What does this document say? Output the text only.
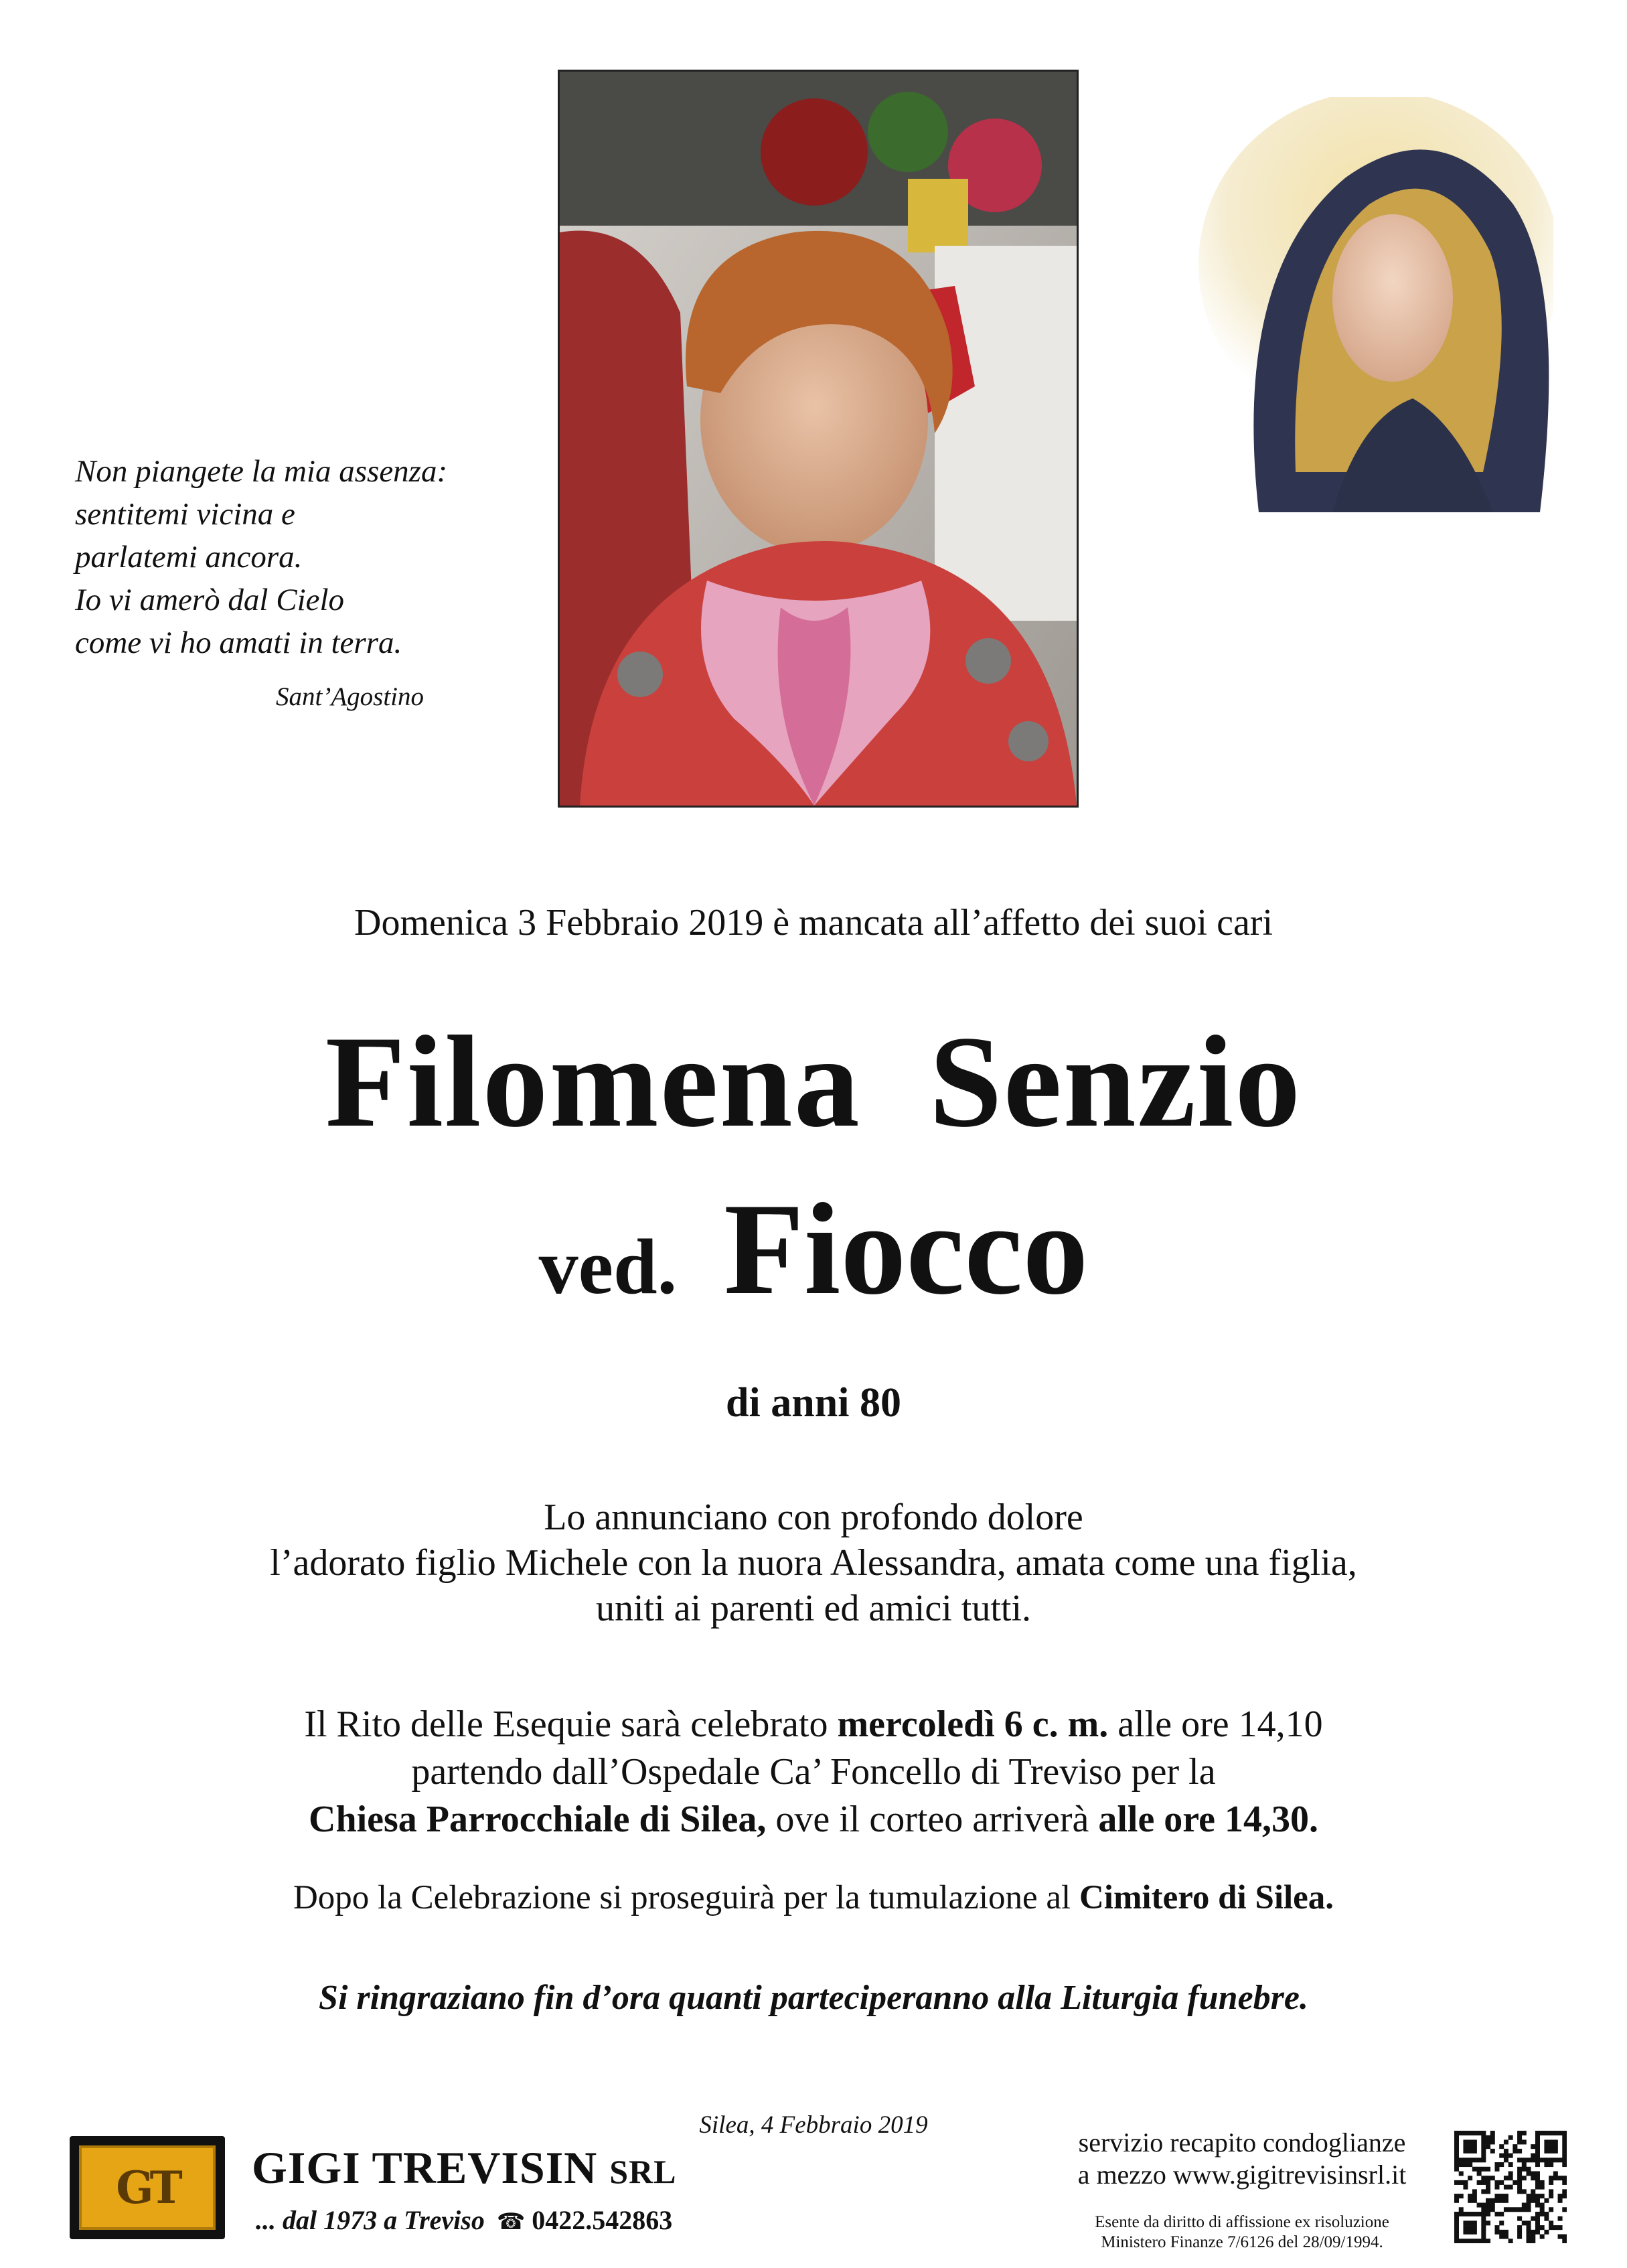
Non piangete la mia assenza:
sentitemi vicina e
parlatemi ancora.
Io vi amerò dal Cielo
come vi ho amati in terra.
Sant’Agostino
Domenica 3 Febbraio 2019 è mancata all’affetto dei suoi cari
Filomena  Senzio
ved. Fiocco
di anni 80
Lo annunciano con profondo dolore
l’adorato figlio Michele con la nuora Alessandra, amata come una figlia,
uniti ai parenti ed amici tutti.
Il Rito delle Esequie sarà celebrato mercoledì 6 c. m. alle ore 14,10
partendo dall’Ospedale Ca’ Foncello di Treviso per la
Chiesa Parrocchiale di Silea, ove il corteo arriverà alle ore 14,30.
Dopo la Celebrazione si proseguirà per la tumulazione al Cimitero di Silea.
Si ringraziano fin d’ora quanti parteciperanno alla Liturgia funebre.
Silea, 4 Febbraio 2019
GT GIGI TREVISIN SRL
... dal 1973 a Treviso ☎ 0422.542863
servizio recapito condoglianze
a mezzo www.gigitrevisinsrl.it
Esente da diritto di affissione ex risoluzione
Ministero Finanze 7/6126 del 28/09/1994.
